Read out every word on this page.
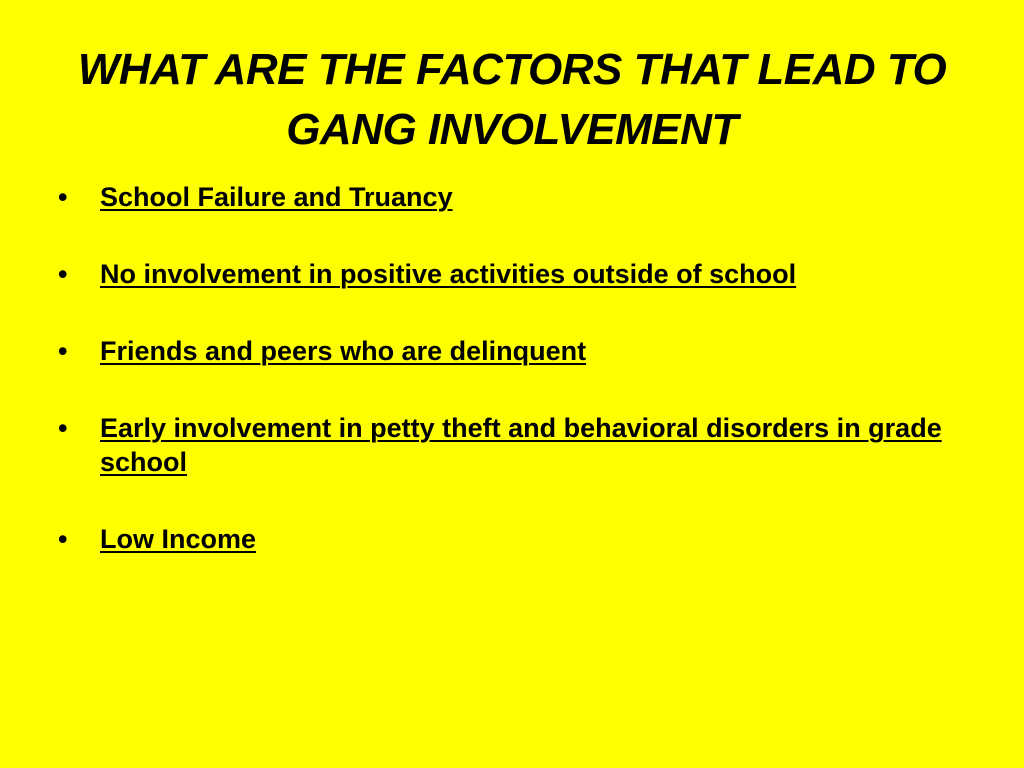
WHAT ARE THE FACTORS THAT LEAD TO GANG INVOLVEMENT
• School Failure and Truancy
• No involvement in positive activities outside of school
• Friends and peers who are delinquent
• Early involvement in petty theft and behavioral disorders in grade school
• Low Income
